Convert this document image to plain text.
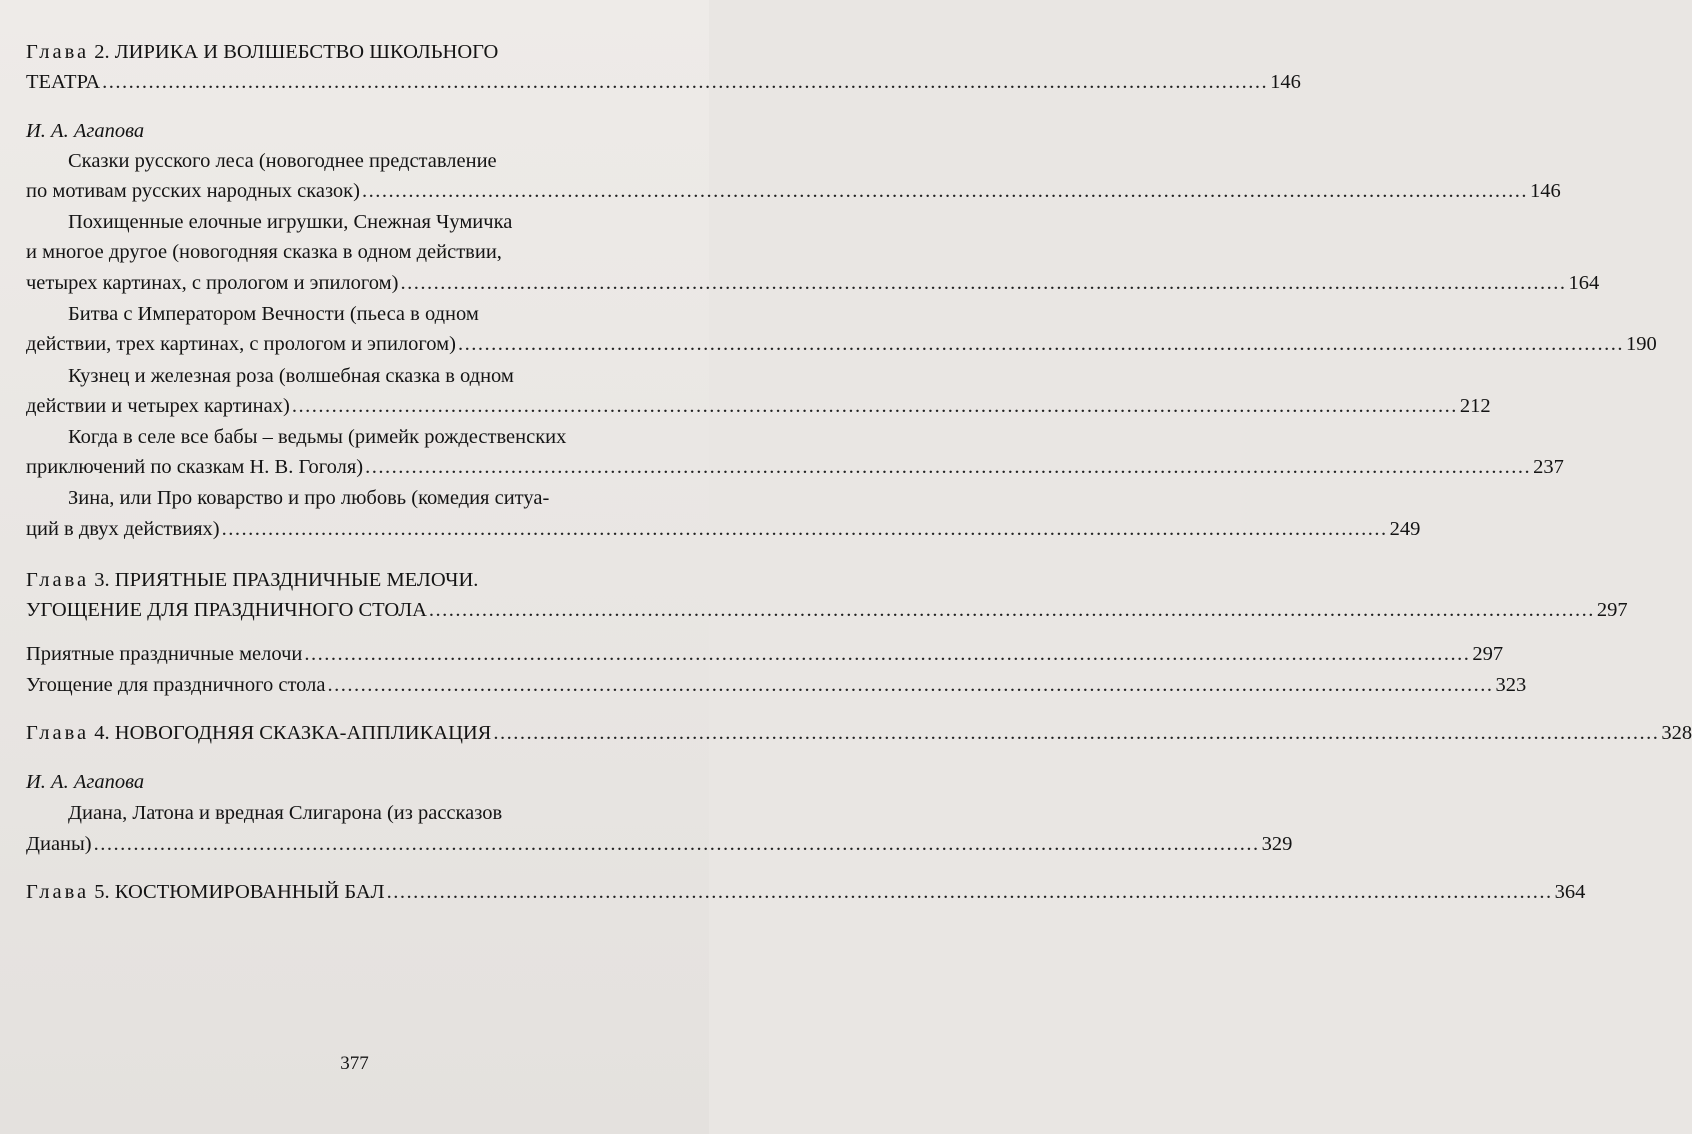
Глава 2. ЛИРИКА И ВОЛШЕБСТВО ШКОЛЬНОГО
ТЕАТРА ................................................................................................................................................................................ 146
И. А. Агапова
Сказки русского леса (новогоднее представление
по мотивам русских народных сказок) ................................................................................................................................................................................ 146
Похищенные елочные игрушки, Снежная Чумичка
и многое другое (новогодняя сказка в одном действии,
четырех картинах, с прологом и эпилогом) ................................................................................................................................................................................ 164
Битва с Императором Вечности (пьеса в одном
действии, трех картинах, с прологом и эпилогом) ................................................................................................................................................................................ 190
Кузнец и железная роза (волшебная сказка в одном
действии и четырех картинах) ................................................................................................................................................................................ 212
Когда в селе все бабы – ведьмы (римейк рождественских
приключений по сказкам Н. В. Гоголя) ................................................................................................................................................................................ 237
Зина, или Про коварство и про любовь (комедия ситуа-
ций в двух действиях) ................................................................................................................................................................................ 249
Глава 3. ПРИЯТНЫЕ ПРАЗДНИЧНЫЕ МЕЛОЧИ.
УГОЩЕНИЕ ДЛЯ ПРАЗДНИЧНОГО СТОЛА ................................................................................................................................................................................ 297
Приятные праздничные мелочи ................................................................................................................................................................................ 297
Угощение для праздничного стола ................................................................................................................................................................................ 323
Глава 4. НОВОГОДНЯЯ СКАЗКА-АППЛИКАЦИЯ ................................................................................................................................................................................ 328
И. А. Агапова
Диана, Латона и вредная Слигарона (из рассказов
Дианы) ................................................................................................................................................................................ 329
Глава 5. КОСТЮМИРОВАННЫЙ БАЛ ................................................................................................................................................................................ 364
377
